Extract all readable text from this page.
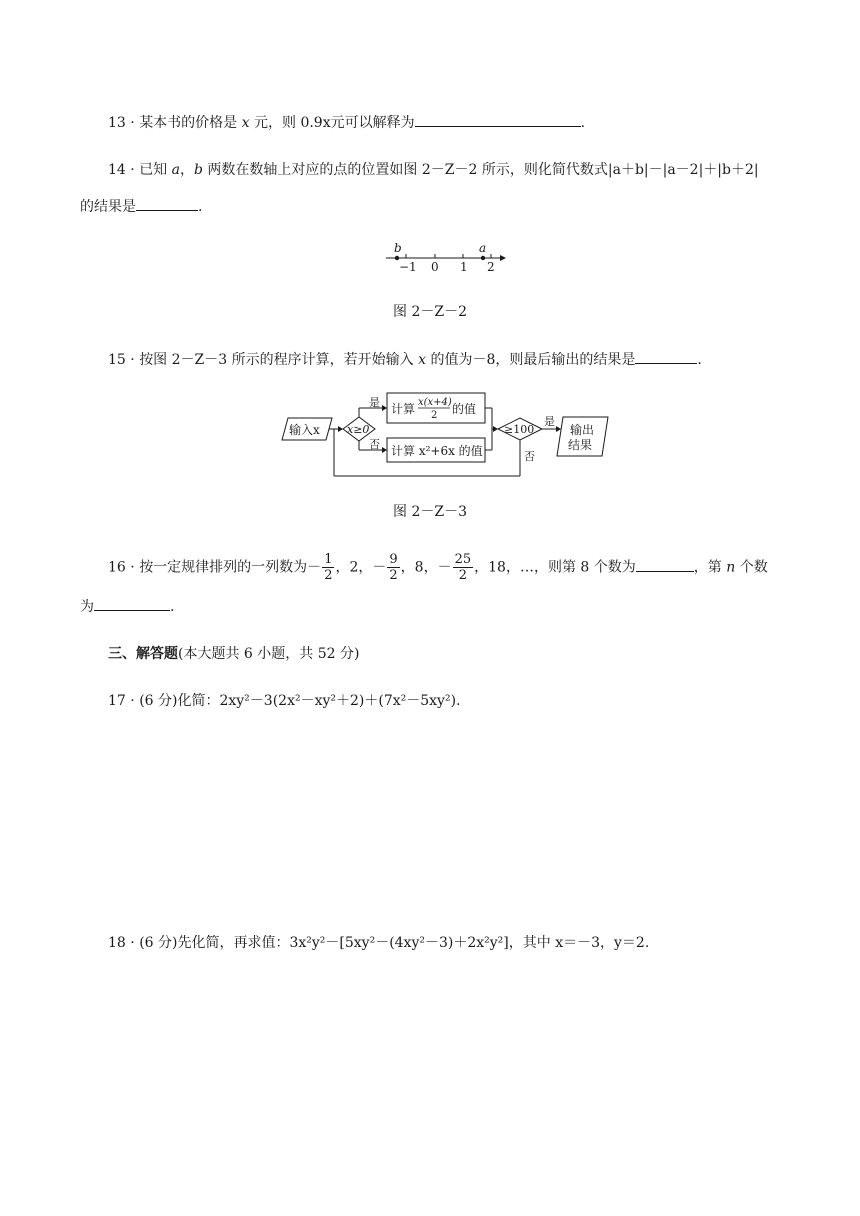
13 · 某本书的价格是 x 元，则 0.9x元可以解释为	.
14 · 已知 a，b 两数在数轴上对应的点的位置如图 2－Z－2 所示，则化简代数式|a＋b|－|a－2|＋|b＋2|
的结果是	.
b	a
−1 0 1 2
图 2－Z－2
15 · 按图 2－Z－3 所示的程序计算，若开始输入 x 的值为－8，则最后输出的结果是	.
输入x x≥0
是
否
计算 x(x+4)
2 的值
计算 x²+6x 的值
≥100
是
输出
结果
否
图 2－Z－3
16 · 按一定规律排列的一列数为－ $\frac{1}{2}$ ，2，－ $\frac{9}{2}$ ，8，－ $\frac{25}{2}$ ，18，…，则第 8 个数为	，第 n 个数
为	.
三、解答题(本大题共 6 小题，共 52 分)
17 · (6 分)化简：2xy²－3(2x²－xy²＋2)＋(7x²－5xy²).
18 · (6 分)先化简，再求值：3x²y²－[5xy²－(4xy²－3)＋2x²y²]，其中 x＝－3，y＝2.
